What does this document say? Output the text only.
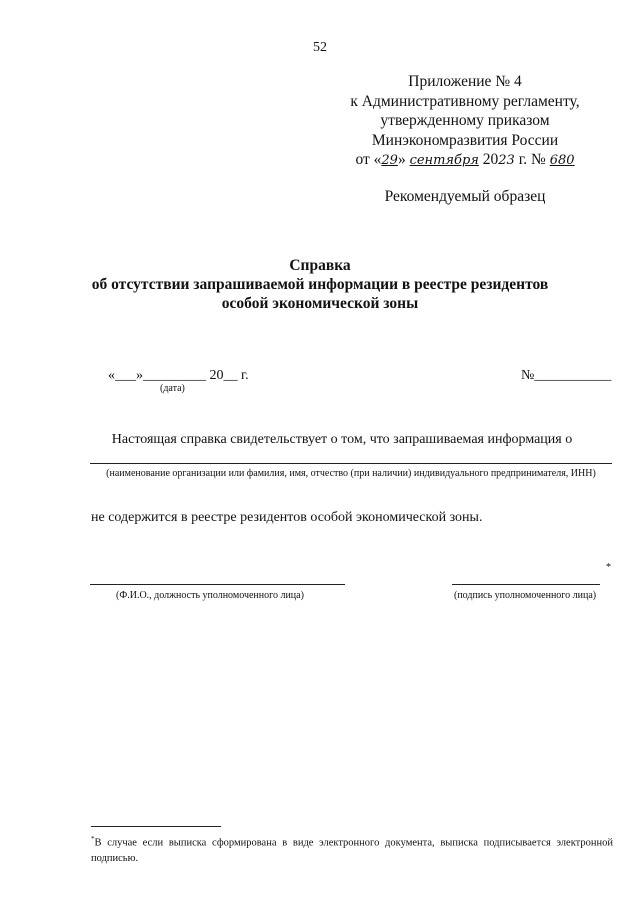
52
Приложение № 4
к Административному регламенту,
утвержденному приказом
Минэкономразвития России
от «29» сентября 2023 г. № 680
Рекомендуемый образец
Справка
об отсутствии запрашиваемой информации в реестре резидентов
особой экономической зоны
«___»_________ 20__ г.
(дата)
№___________
Настоящая справка свидетельствует о том, что запрашиваемая информация о
(наименование организации или фамилия, имя, отчество (при наличии) индивидуального предпринимателя, ИНН)
не содержится в реестре резидентов особой экономической зоны.
*
(Ф.И.О., должность уполномоченного лица)	(подпись уполномоченного лица)
*В случае если выписка сформирована в виде электронного документа, выписка подписывается электронной подписью.
